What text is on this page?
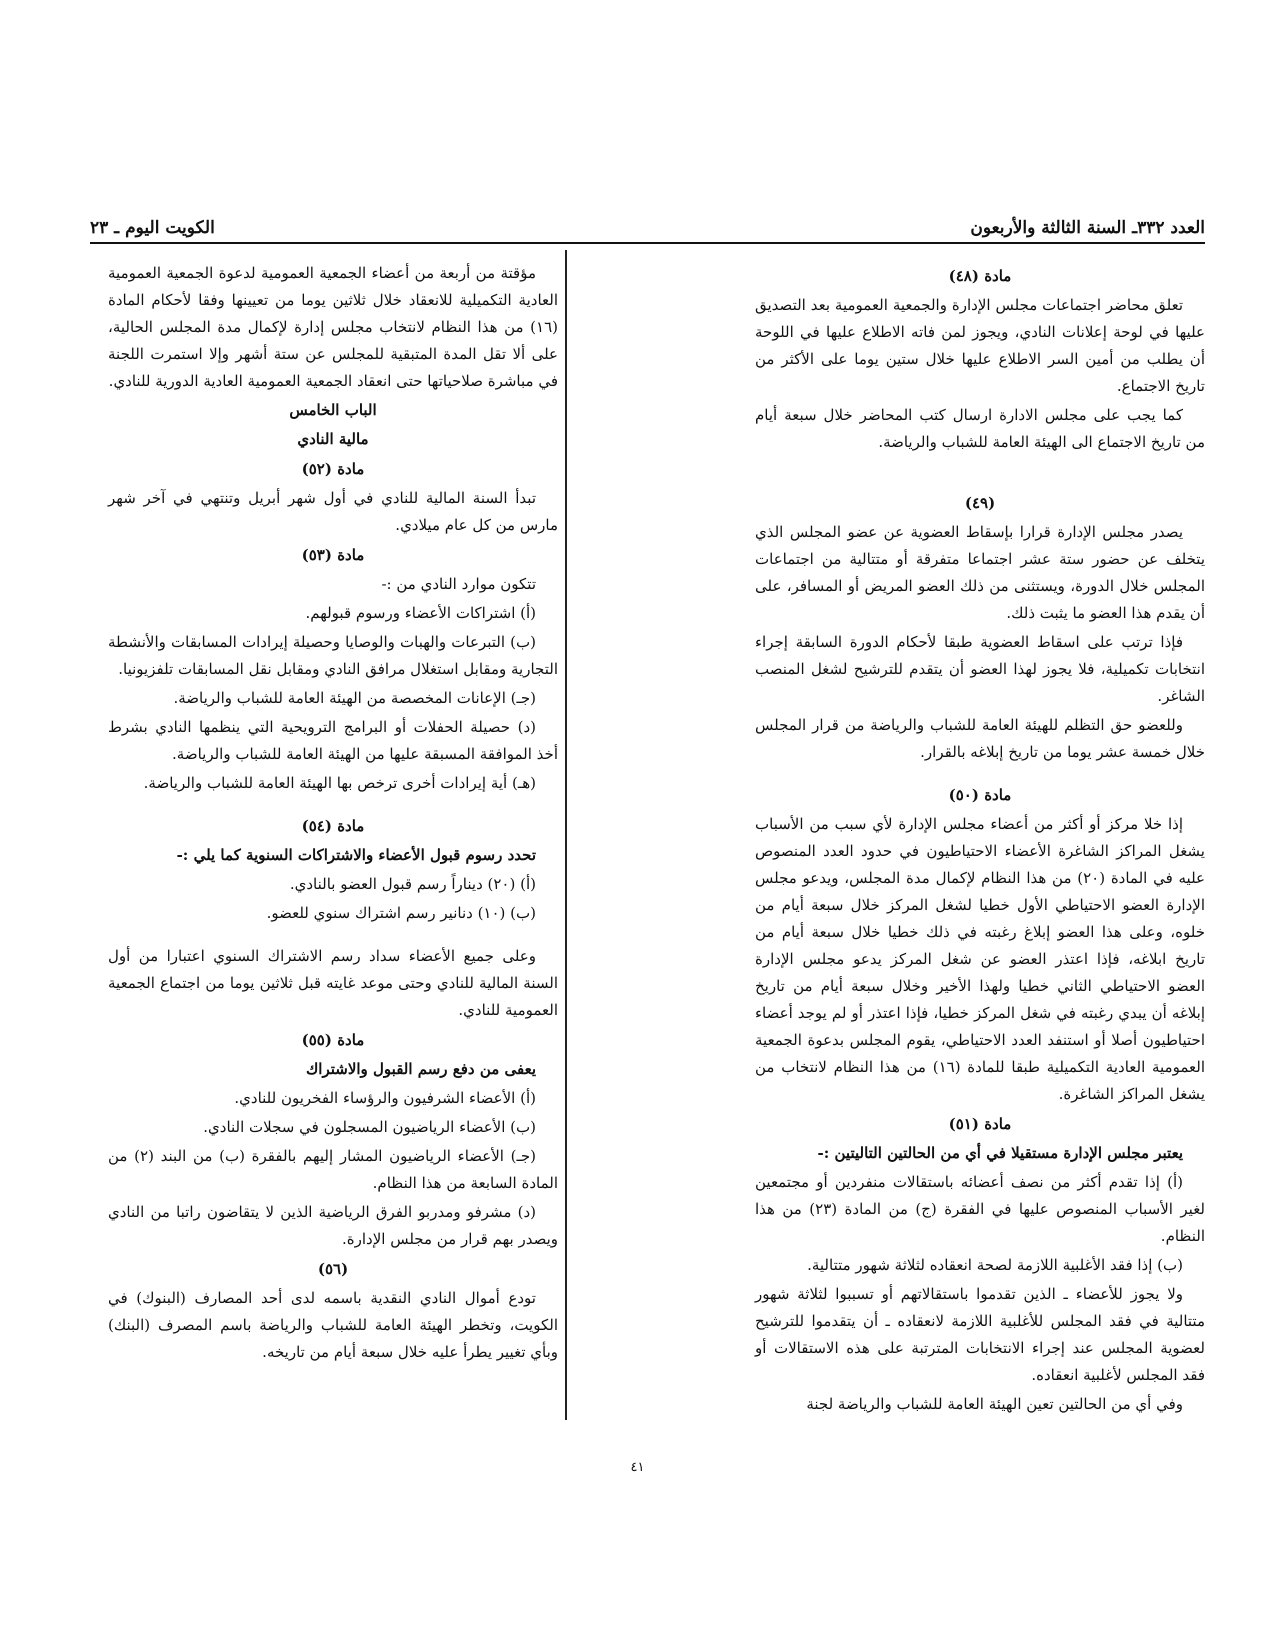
العدد ٣٣٢ـ السنة الثالثة والأربعون
الكويت اليوم ـ ٢٣
مادة (٤٨)

تعلق محاضر اجتماعات مجلس الإدارة والجمعية العمومية بعد التصديق عليها في لوحة إعلانات النادي، ويجوز لمن فاته الاطلاع عليها في اللوحة أن يطلب من أمين السر الاطلاع عليها خلال ستين يوما على الأكثر من تاريخ الاجتماع.

كما يجب على مجلس الادارة ارسال كتب المحاضر خلال سبعة أيام من تاريخ الاجتماع الى الهيئة العامة للشباب والرياضة.

(٤٩)

يصدر مجلس الإدارة قرارا بإسقاط العضوية عن عضو المجلس الذي يتخلف عن حضور ستة عشر اجتماعا متفرقة أو متتالية من اجتماعات المجلس خلال الدورة، ويستثنى من ذلك العضو المريض أو المسافر، على أن يقدم هذا العضو ما يثبت ذلك.

فإذا ترتب على اسقاط العضوية طبقا لأحكام الدورة السابقة إجراء انتخابات تكميلية، فلا يجوز لهذا العضو أن يتقدم للترشيح لشغل المنصب الشاغر.

وللعضو حق التظلم للهيئة العامة للشباب والرياضة من قرار المجلس خلال خمسة عشر يوما من تاريخ إبلاغه بالقرار.

مادة (٥٠)

إذا خلا مركز أو أكثر من أعضاء مجلس الإدارة لأي سبب من الأسباب يشغل المراكز الشاغرة الأعضاء الاحتياطيون في حدود العدد المنصوص عليه في المادة (٢٠) من هذا النظام لإكمال مدة المجلس، ويدعو مجلس الإدارة العضو الاحتياطي الأول خطيا لشغل المركز خلال سبعة أيام من خلوه، وعلى هذا العضو إبلاغ رغبته في ذلك خطيا خلال سبعة أيام من تاريخ ابلاغه، فإذا اعتذر العضو عن شغل المركز يدعو مجلس الإدارة العضو الاحتياطي الثاني خطيا ولهذا الأخير وخلال سبعة أيام من تاريخ إبلاغه أن يبدي رغبته في شغل المركز خطيا، فإذا اعتذر أو لم يوجد أعضاء احتياطيون أصلا أو استنفد العدد الاحتياطي، يقوم المجلس بدعوة الجمعية العمومية العادية التكميلية طبقا للمادة (١٦) من هذا النظام لانتخاب من يشغل المراكز الشاغرة.

مادة (٥١)

يعتبر مجلس الإدارة مستقيلا في أي من الحالتين التاليتين :-

(أ) إذا تقدم أكثر من نصف أعضائه باستقالات منفردين أو مجتمعين لغير الأسباب المنصوص عليها في الفقرة (ج) من المادة (٢٣) من هذا النظام.

(ب) إذا فقد الأغلبية اللازمة لصحة انعقاده لثلاثة شهور متتالية.

ولا يجوز للأعضاء ـ الذين تقدموا باستقالاتهم أو تسببوا لثلاثة شهور متتالية في فقد المجلس للأغلبية اللازمة لانعقاده ـ أن يتقدموا للترشيح لعضوية المجلس عند إجراء الانتخابات المترتبة على هذه الاستقالات أو فقد المجلس لأغلبية انعقاده.

وفي أي من الحالتين تعين الهيئة العامة للشباب والرياضة لجنة

مؤقتة من أربعة من أعضاء الجمعية العمومية لدعوة الجمعية العمومية العادية التكميلية للانعقاد خلال ثلاثين يوما من تعيينها وفقا لأحكام المادة (١٦) من هذا النظام لانتخاب مجلس إدارة لإكمال مدة المجلس الحالية، على ألا تقل المدة المتبقية للمجلس عن ستة أشهر وإلا استمرت اللجنة في مباشرة صلاحياتها حتى انعقاد الجمعية العمومية العادية الدورية للنادي.

الباب الخامس
مالية النادي
مادة (٥٢)

تبدأ السنة المالية للنادي في أول شهر أبريل وتنتهي في آخر شهر مارس من كل عام ميلادي.

مادة (٥٣)

تتكون موارد النادي من :-

(أ) اشتراكات الأعضاء ورسوم قبولهم.

(ب) التبرعات والهبات والوصايا وحصيلة إيرادات المسابقات والأنشطة التجارية ومقابل استغلال مرافق النادي ومقابل نقل المسابقات تلفزيونيا.

(جـ) الإعانات المخصصة من الهيئة العامة للشباب والرياضة.

(د) حصيلة الحفلات أو البرامج الترويحية التي ينظمها النادي بشرط أخذ الموافقة المسبقة عليها من الهيئة العامة للشباب والرياضة.

(هـ) أية إيرادات أخرى ترخص بها الهيئة العامة للشباب والرياضة.

مادة (٥٤)

تحدد رسوم قبول الأعضاء والاشتراكات السنوية كما يلي :-

(أ) (٢٠) ديناراً رسم قبول العضو بالنادي.

(ب) (١٠) دنانير رسم اشتراك سنوي للعضو.

وعلى جميع الأعضاء سداد رسم الاشتراك السنوي اعتبارا من أول السنة المالية للنادي وحتى موعد غايته قبل ثلاثين يوما من اجتماع الجمعية العمومية للنادي.

مادة (٥٥)

يعفى من دفع رسم القبول والاشتراك

(أ) الأعضاء الشرفيون والرؤساء الفخريون للنادي.

(ب) الأعضاء الرياضيون المسجلون في سجلات النادي.

(جـ) الأعضاء الرياضيون المشار إليهم بالفقرة (ب) من البند (٢) من المادة السابعة من هذا النظام.

(د) مشرفو ومدربو الفرق الرياضية الذين لا يتقاضون راتبا من النادي ويصدر بهم قرار من مجلس الإدارة.

(٥٦)

تودع أموال النادي النقدية باسمه لدى أحد المصارف (البنوك) في الكويت، وتخطر الهيئة العامة للشباب والرياضة باسم المصرف (البنك) وبأي تغيير يطرأ عليه خلال سبعة أيام من تاريخه.

٤١
